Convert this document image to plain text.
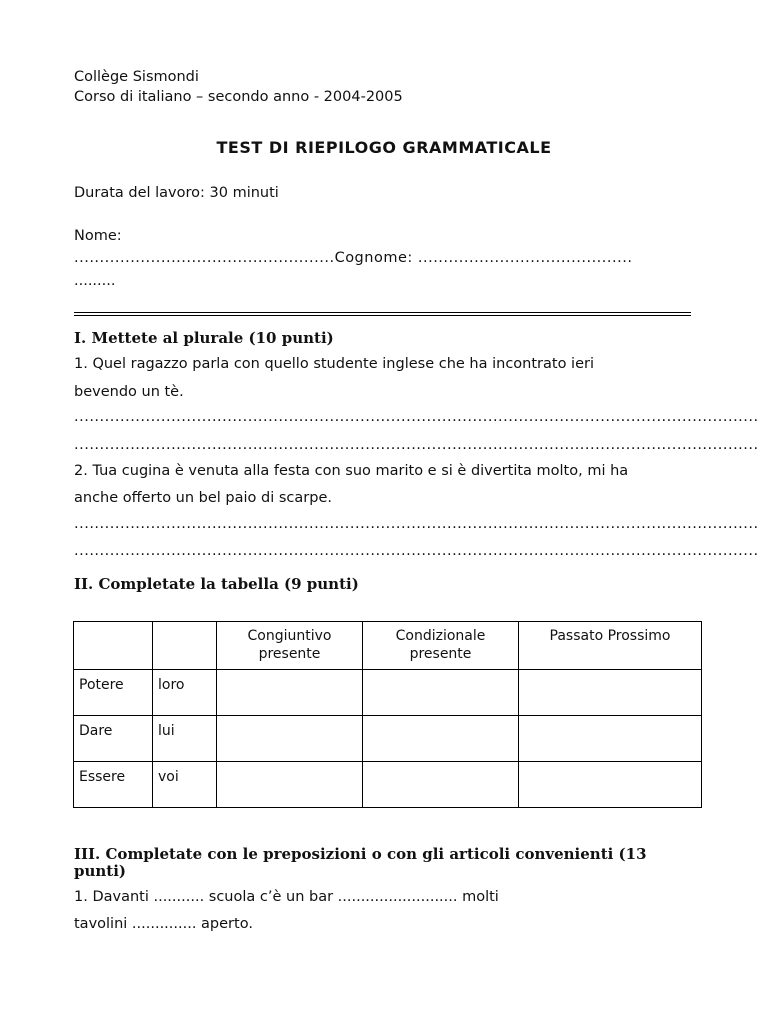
Collège Sismondi
Corso di italiano – secondo anno - 2004-2005
TEST DI RIEPILOGO GRAMMATICALE
Durata del lavoro: 30 minuti
Nome:
...................................................Cognome: ..........................................
.........
I. Mettete al plurale (10 punti)
1. Quel ragazzo parla con quello studente inglese che ha incontrato ieri
bevendo un tè.
......................................................................................................................................
......................................................................................................................................
2. Tua cugina è venuta alla festa con suo marito e si è divertita molto, mi ha
anche offerto un bel paio di scarpe.
......................................................................................................................................
......................................................................................................................................
II. Completate la tabella (9 punti)
		Congiuntivo presente	Condizionale presente	Passato Prossimo
Potere	loro			
Dare	lui			
Essere	voi			
III. Completate con le preposizioni o con gli articoli convenienti (13
punti)
1. Davanti ........... scuola c’è un bar .......................... molti
tavolini .............. aperto.
